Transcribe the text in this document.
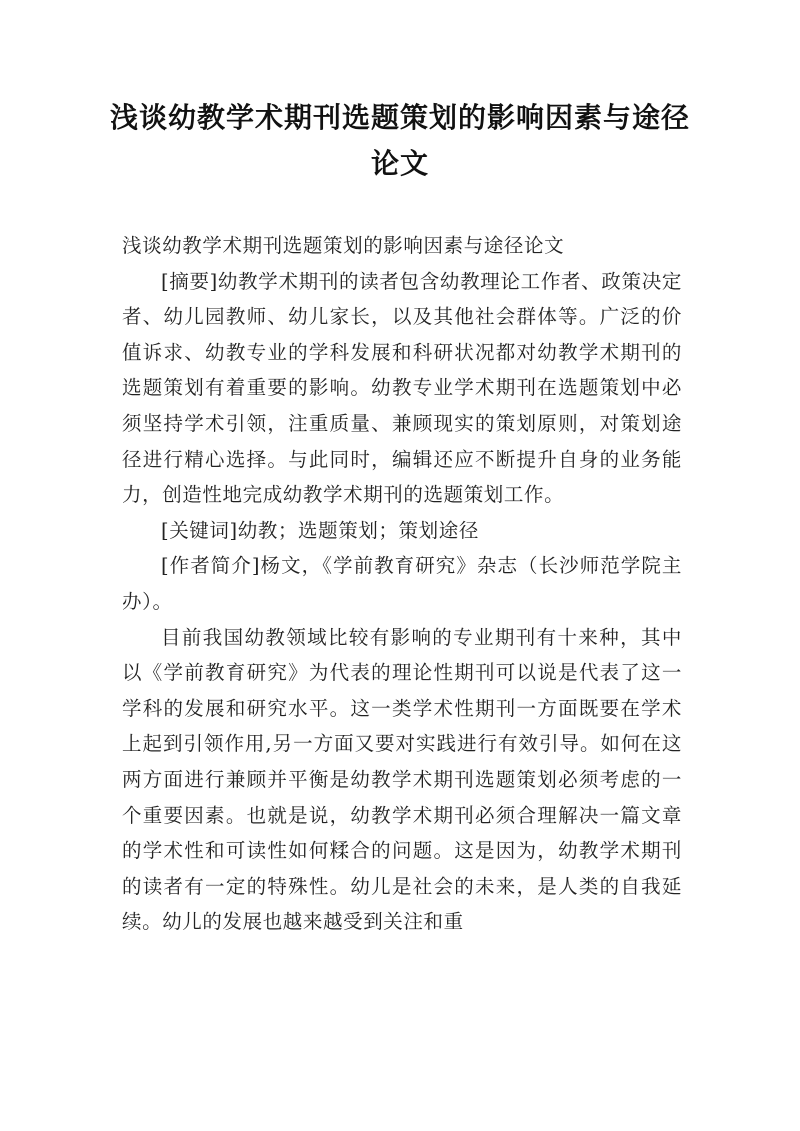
浅谈幼教学术期刊选题策划的影响因素与途径论文

浅谈幼教学术期刊选题策划的影响因素与途径论文

[摘要]幼教学术期刊的读者包含幼教理论工作者、政策决定者、幼儿园教师、幼儿家长，以及其他社会群体等。广泛的价值诉求、幼教专业的学科发展和科研状况都对幼教学术期刊的选题策划有着重要的影响。幼教专业学术期刊在选题策划中必须坚持学术引领，注重质量、兼顾现实的策划原则，对策划途径进行精心选择。与此同时，编辑还应不断提升自身的业务能力，创造性地完成幼教学术期刊的选题策划工作。

[关键词]幼教；选题策划；策划途径

[作者简介]杨文，《学前教育研究》杂志（长沙师范学院主办）。

目前我国幼教领域比较有影响的专业期刊有十来种，其中以《学前教育研究》为代表的理论性期刊可以说是代表了这一学科的发展和研究水平。这一类学术性期刊一方面既要在学术上起到引领作用,另一方面又要对实践进行有效引导。如何在这两方面进行兼顾并平衡是幼教学术期刊选题策划必须考虑的一个重要因素。也就是说，幼教学术期刊必须合理解决一篇文章的学术性和可读性如何糅合的问题。这是因为，幼教学术期刊的读者有一定的特殊性。幼儿是社会的未来，是人类的自我延续。幼儿的发展也越来越受到关注和重
